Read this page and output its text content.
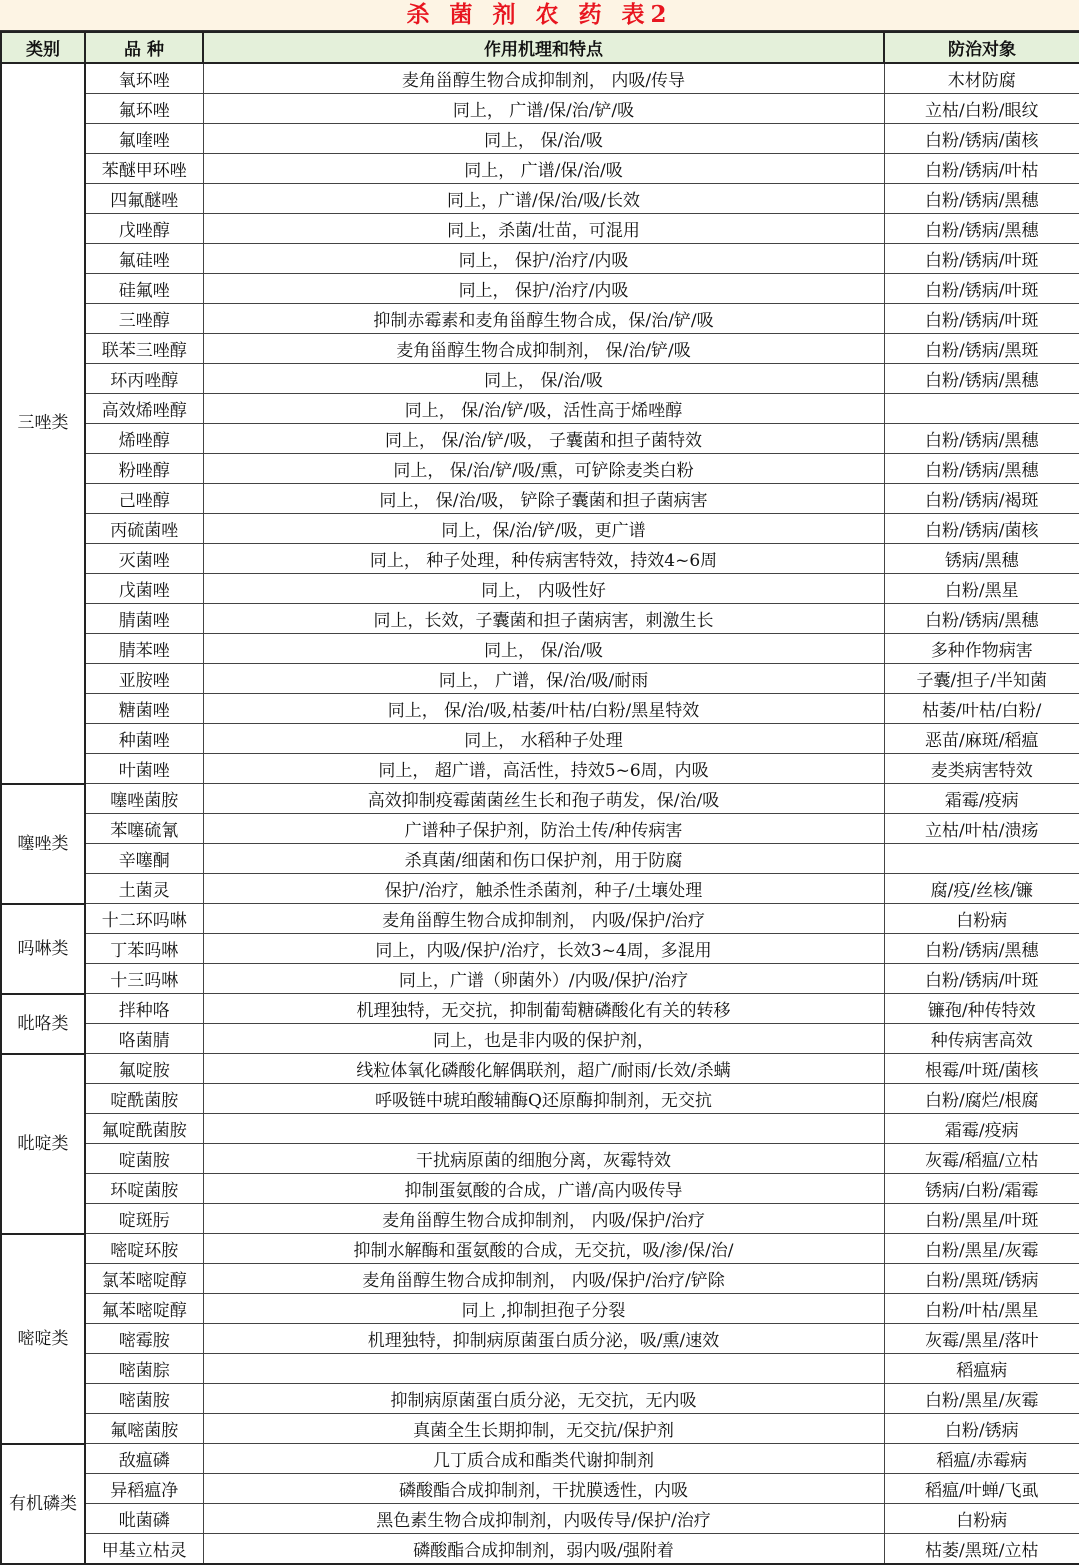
杀 菌 剂 农 药 表2
类别	品 种	作用机理和特点	防治对象
三唑类	氧环唑	麦角甾醇生物合成抑制剂， 内吸/传导	木材防腐
	氟环唑	同上， 广谱/保/治/铲/吸	立枯/白粉/眼纹
	氟喹唑	同上， 保/治/吸	白粉/锈病/菌核
	苯醚甲环唑	同上， 广谱/保/治/吸	白粉/锈病/叶枯
	四氟醚唑	同上，广谱/保/治/吸/长效	白粉/锈病/黑穗
	戊唑醇	同上，杀菌/壮苗，可混用	白粉/锈病/黑穗
	氟硅唑	同上， 保护/治疗/内吸	白粉/锈病/叶斑
	硅氟唑	同上， 保护/治疗/内吸	白粉/锈病/叶斑
	三唑醇	抑制赤霉素和麦角甾醇生物合成，保/治/铲/吸	白粉/锈病/叶斑
	联苯三唑醇	麦角甾醇生物合成抑制剂， 保/治/铲/吸	白粉/锈病/黑斑
	环丙唑醇	同上， 保/治/吸	白粉/锈病/黑穗
	高效烯唑醇	同上， 保/治/铲/吸，活性高于烯唑醇	
	烯唑醇	同上， 保/治/铲/吸， 子囊菌和担子菌特效	白粉/锈病/黑穗
	粉唑醇	同上， 保/治/铲/吸/熏，可铲除麦类白粉	白粉/锈病/黑穗
	己唑醇	同上， 保/治/吸， 铲除子囊菌和担子菌病害	白粉/锈病/褐斑
	丙硫菌唑	同上，保/治/铲/吸，更广谱	白粉/锈病/菌核
	灭菌唑	同上， 种子处理，种传病害特效，持效4~6周	锈病/黑穗
	戊菌唑	同上， 内吸性好	白粉/黑星
	腈菌唑	同上，长效，子囊菌和担子菌病害，刺激生长	白粉/锈病/黑穗
	腈苯唑	同上， 保/治/吸	多种作物病害
	亚胺唑	同上， 广谱，保/治/吸/耐雨	子囊/担子/半知菌
	糖菌唑	同上， 保/治/吸,枯萎/叶枯/白粉/黑星特效	枯萎/叶枯/白粉/
	种菌唑	同上， 水稻种子处理	恶苗/麻斑/稻瘟
	叶菌唑	同上， 超广谱，高活性，持效5~6周，内吸	麦类病害特效
噻唑类	噻唑菌胺	高效抑制疫霉菌菌丝生长和孢子萌发，保/治/吸	霜霉/疫病
	苯噻硫氰	广谱种子保护剂，防治土传/种传病害	立枯/叶枯/溃疡
	辛噻酮	杀真菌/细菌和伤口保护剂，用于防腐	
	土菌灵	保护/治疗，触杀性杀菌剂，种子/土壤处理	腐/疫/丝核/镰
吗啉类	十二环吗啉	麦角甾醇生物合成抑制剂， 内吸/保护/治疗	白粉病
	丁苯吗啉	同上，内吸/保护/治疗，长效3~4周，多混用	白粉/锈病/黑穗
	十三吗啉	同上，广谱（卵菌外）/内吸/保护/治疗	白粉/锈病/叶斑
吡咯类	拌种咯	机理独特，无交抗，抑制葡萄糖磷酸化有关的转移	镰孢/种传特效
	咯菌腈	同上，也是非内吸的保护剂，	种传病害高效
吡啶类	氟啶胺	线粒体氧化磷酸化解偶联剂，超广/耐雨/长效/杀螨	根霉/叶斑/菌核
	啶酰菌胺	呼吸链中琥珀酸辅酶Q还原酶抑制剂，无交抗	白粉/腐烂/根腐
	氟啶酰菌胺		霜霉/疫病
	啶菌胺	干扰病原菌的细胞分离，灰霉特效	灰霉/稻瘟/立枯
	环啶菌胺	抑制蛋氨酸的合成，广谱/高内吸传导	锈病/白粉/霜霉
	啶斑肟	麦角甾醇生物合成抑制剂， 内吸/保护/治疗	白粉/黑星/叶斑
嘧啶类	嘧啶环胺	抑制水解酶和蛋氨酸的合成，无交抗，吸/渗/保/治/	白粉/黑星/灰霉
	氯苯嘧啶醇	麦角甾醇生物合成抑制剂， 内吸/保护/治疗/铲除	白粉/黑斑/锈病
	氟苯嘧啶醇	同上 ,抑制担孢子分裂	白粉/叶枯/黑星
	嘧霉胺	机理独特，抑制病原菌蛋白质分泌，吸/熏/速效	灰霉/黑星/落叶
	嘧菌腙		稻瘟病
	嘧菌胺	抑制病原菌蛋白质分泌，无交抗，无内吸	白粉/黑星/灰霉
	氟嘧菌胺	真菌全生长期抑制，无交抗/保护剂	白粉/锈病
有机磷类	敌瘟磷	几丁质合成和酯类代谢抑制剂	稻瘟/赤霉病
	异稻瘟净	磷酸酯合成抑制剂，干扰膜透性，内吸	稻瘟/叶蝉/飞虱
	吡菌磷	黑色素生物合成抑制剂，内吸传导/保护/治疗	白粉病
	甲基立枯灵	磷酸酯合成抑制剂，弱内吸/强附着	枯萎/黑斑/立枯
